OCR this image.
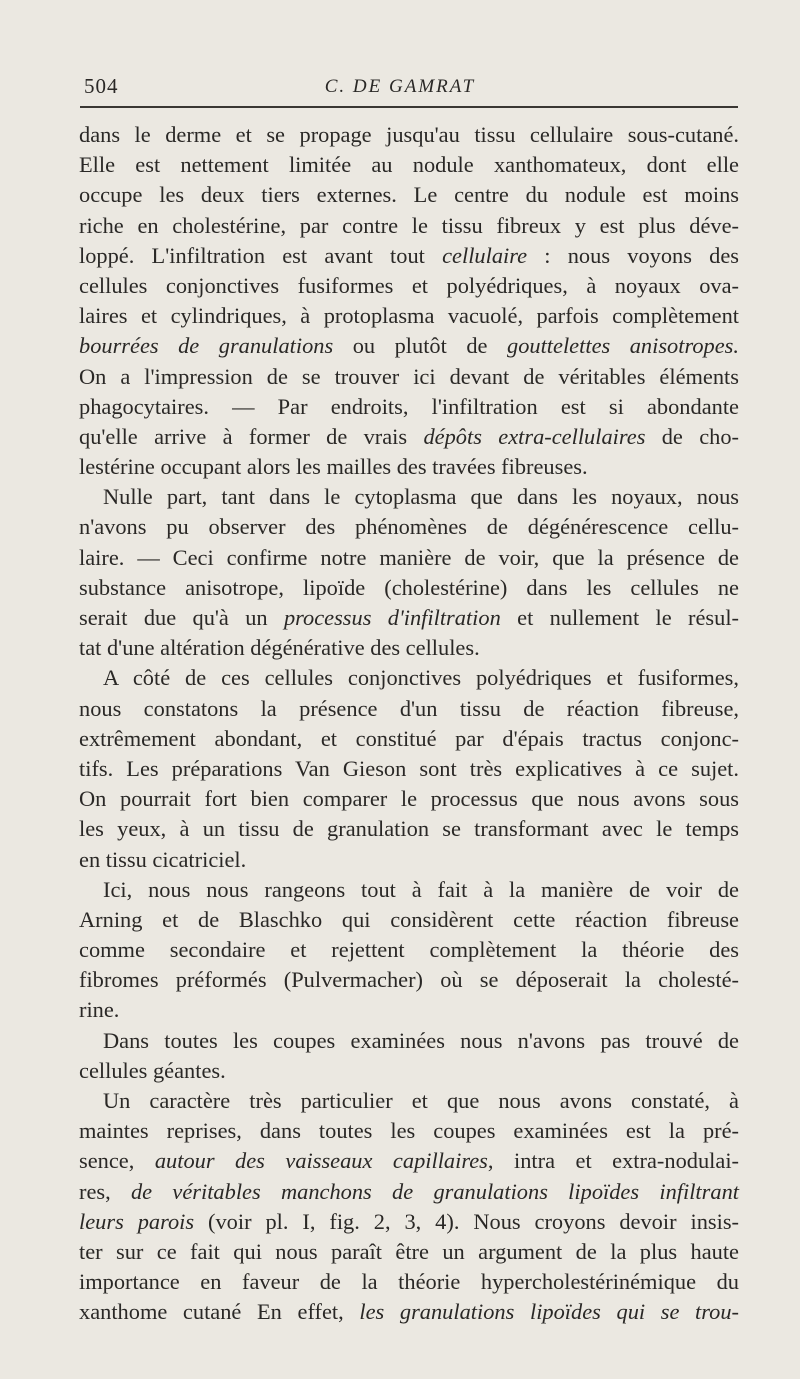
504	C. DE GAMRAT
dans le derme et se propage jusqu'au tissu cellulaire sous-cutané.
Elle est nettement limitée au nodule xanthomateux, dont elle
occupe les deux tiers externes. Le centre du nodule est moins
riche en cholestérine, par contre le tissu fibreux y est plus déve-
loppé. L'infiltration est avant tout cellulaire : nous voyons des
cellules conjonctives fusiformes et polyédriques, à noyaux ova-
laires et cylindriques, à protoplasma vacuolé, parfois complètement
bourrées de granulations ou plutôt de gouttelettes anisotropes.
On a l'impression de se trouver ici devant de véritables éléments
phagocytaires. — Par endroits, l'infiltration est si abondante
qu'elle arrive à former de vrais dépôts extra-cellulaires de cho-
lestérine occupant alors les mailles des travées fibreuses.
Nulle part, tant dans le cytoplasma que dans les noyaux, nous
n'avons pu observer des phénomènes de dégénérescence cellu-
laire. — Ceci confirme notre manière de voir, que la présence de
substance anisotrope, lipoïde (cholestérine) dans les cellules ne
serait due qu'à un processus d'infiltration et nullement le résul-
tat d'une altération dégénérative des cellules.
A côté de ces cellules conjonctives polyédriques et fusiformes,
nous constatons la présence d'un tissu de réaction fibreuse,
extrêmement abondant, et constitué par d'épais tractus conjonc-
tifs. Les préparations Van Gieson sont très explicatives à ce sujet.
On pourrait fort bien comparer le processus que nous avons sous
les yeux, à un tissu de granulation se transformant avec le temps
en tissu cicatriciel.
Ici, nous nous rangeons tout à fait à la manière de voir de
Arning et de Blaschko qui considèrent cette réaction fibreuse
comme secondaire et rejettent complètement la théorie des
fibromes préformés (Pulvermacher) où se déposerait la cholesté-
rine.
Dans toutes les coupes examinées nous n'avons pas trouvé de
cellules géantes.
Un caractère très particulier et que nous avons constaté, à
maintes reprises, dans toutes les coupes examinées est la pré-
sence, autour des vaisseaux capillaires, intra et extra-nodulai-
res, de véritables manchons de granulations lipoïdes infiltrant
leurs parois (voir pl. I, fig. 2, 3, 4). Nous croyons devoir insis-
ter sur ce fait qui nous paraît être un argument de la plus haute
importance en faveur de la théorie hypercholestérinémique du
xanthome cutané En effet, les granulations lipoïdes qui se trou-
